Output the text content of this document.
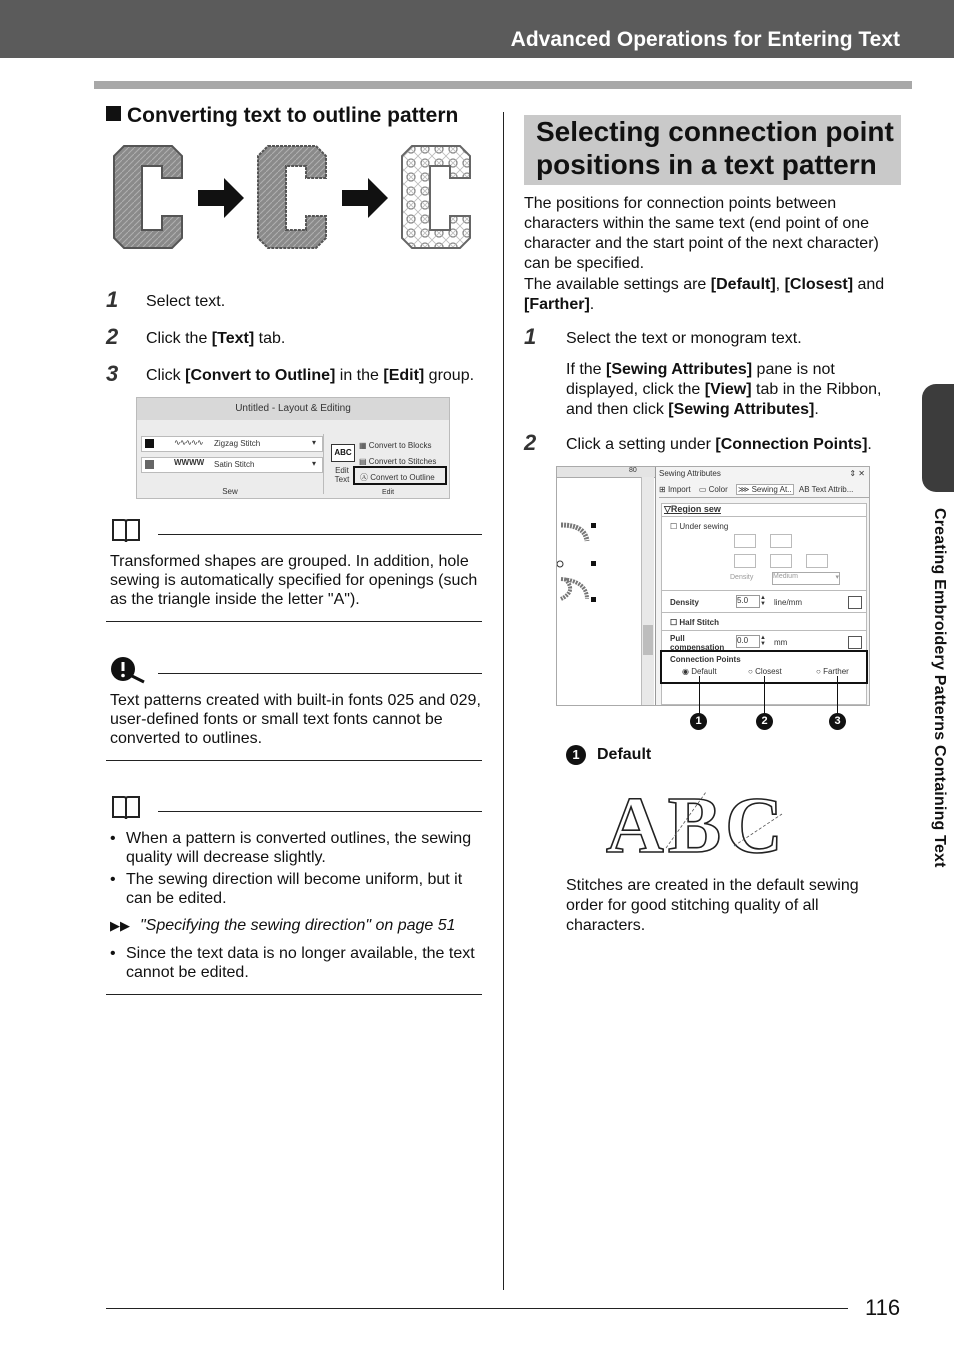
Advanced Operations for Entering Text
Creating Embroidery Patterns Containing Text
Converting text to outline pattern
1 Select text.
2 Click the [Text] tab.
3 Click [Convert to Outline] in the [Edit] group.
Untitled - Layout & Editing
∿∿∿∿∿ Zigzag Stitch	▾
WWWW Satin Stitch	▾
Sew
ABC
Edit Text
▦ Convert to Blocks
▤ Convert to Stitches
Ⓐ Convert to Outline
Edit
Transformed shapes are grouped. In addition, hole sewing is automatically specified for openings (such as the triangle inside the letter "A").
Text patterns created with built-in fonts 025 and 029, user-defined fonts or small text fonts cannot be converted to outlines.
• When a pattern is converted outlines, the sewing quality will decrease slightly.
• The sewing direction will become uniform, but it can be edited.
▶▶ "Specifying the sewing direction" on page 51
• Since the text data is no longer available, the text cannot be edited.
Selecting connection point
positions in a text pattern
The positions for connection points between characters within the same text (end point of one character and the start point of the next character) can be specified.
The available settings are [Default], [Closest] and
[Farther].
1 Select the text or monogram text.
If the [Sewing Attributes] pane is not displayed, click the [View] tab in the Ribbon, and then click [Sewing Attributes].
2 Click a setting under [Connection Points].
80	Sewing Attributes	⇕ ✕
⊞ Import ▭ Color ⋙ Sewing At.. AB Text Attrib...
▽Region sew
☐ Under sewing
Density	Medium	▾
Density	5.0	▲
▼ line/mm
☐ Half Stitch
Pull
compensation
0.0	▲
▼ mm
Connection Points
◉ Default	○ Closest	○ Farther
1	2	3
1	Default
ABC
Stitches are created in the default sewing order for good stitching quality of all characters.
116
